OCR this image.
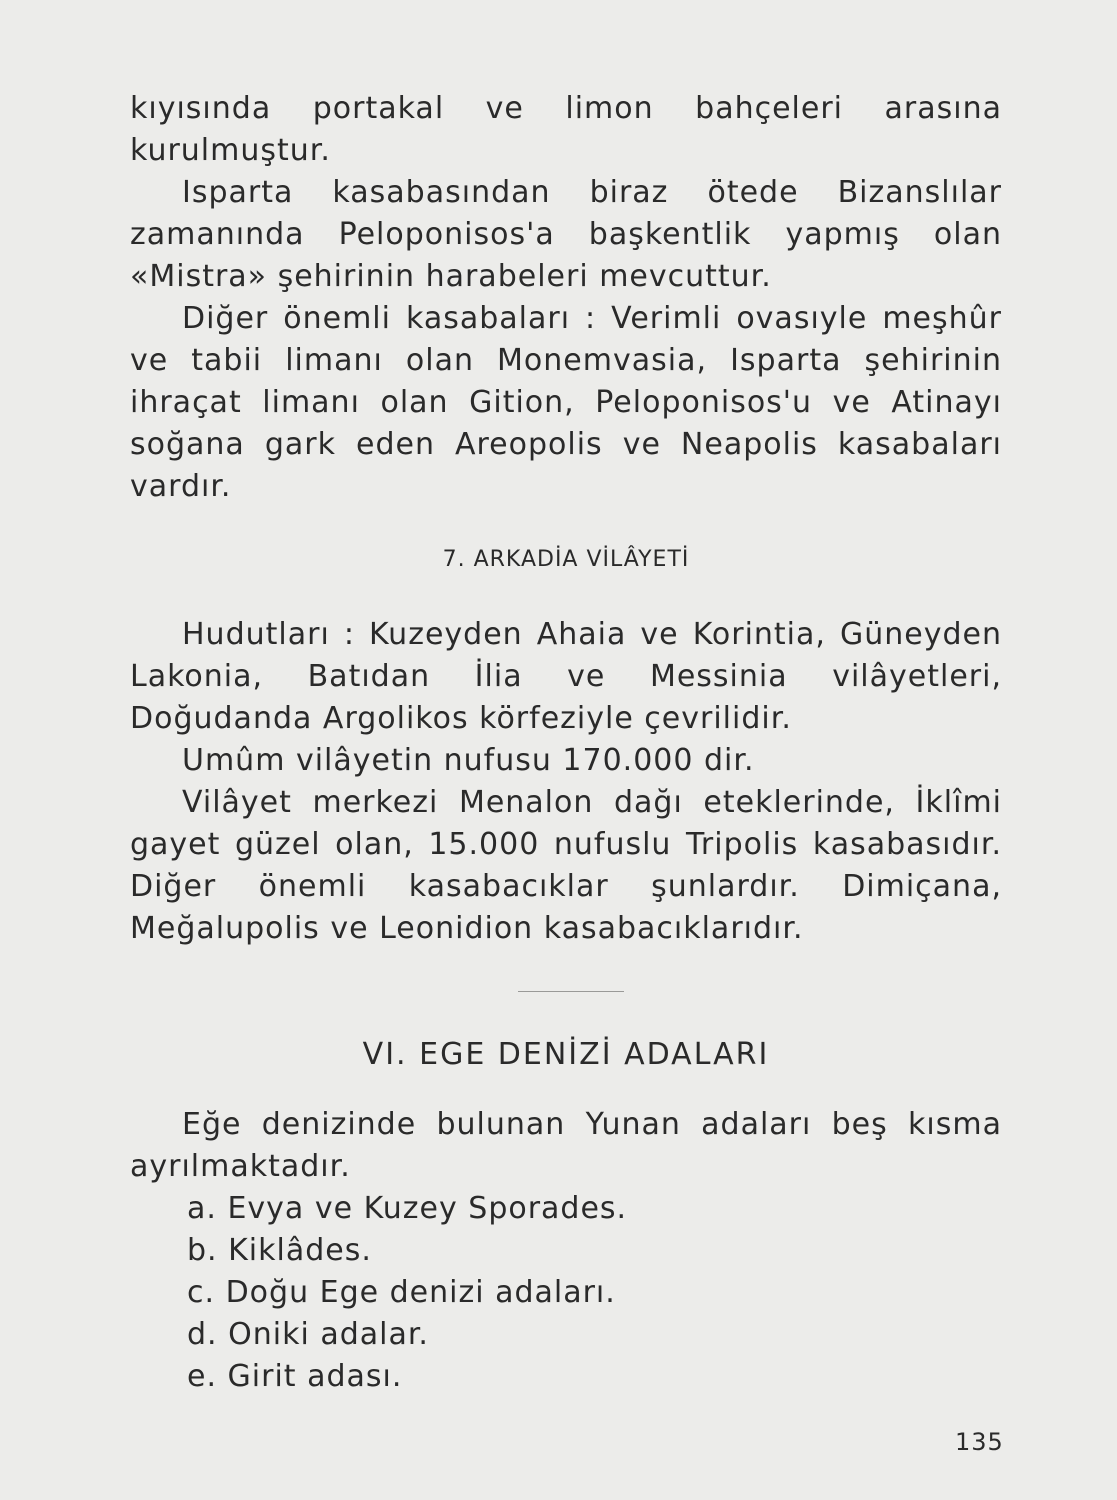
kıyısında portakal ve limon bahçeleri arasına kurulmuştur.

Isparta kasabasından biraz ötede Bizanslılar zamanında Peloponisos'a başkentlik yapmış olan «Mistra» şehirinin harabeleri mevcuttur.

Diğer önemli kasabaları : Verimli ovasıyle meşhûr ve tabii limanı olan Monemvasia, Isparta şehirinin ihraçat limanı olan Gition, Peloponisos'u ve Atinayı soğana gark eden Areopolis ve Neapolis kasabaları vardır.

7. ARKADİA VİLÂYETİ

Hudutları : Kuzeyden Ahaia ve Korintia, Güneyden Lakonia, Batıdan İlia ve Messinia vilâyetleri, Doğudanda Argolikos körfeziyle çevrilidir.

Umûm vilâyetin nufusu 170.000 dir.

Vilâyet merkezi Menalon dağı eteklerinde, İklîmi gayet güzel olan, 15.000 nufuslu Tripolis kasabasıdır. Diğer önemli kasabacıklar şunlardır. Dimiçana, Meğalupolis ve Leonidion kasabacıklarıdır.

VI. EGE DENİZİ ADALARI

Eğe denizinde bulunan Yunan adaları beş kısma ayrılmaktadır.

a. Evya ve Kuzey Sporades.

b. Kiklâdes.

c. Doğu Ege denizi adaları.

d. Oniki adalar.

e. Girit adası.

135
